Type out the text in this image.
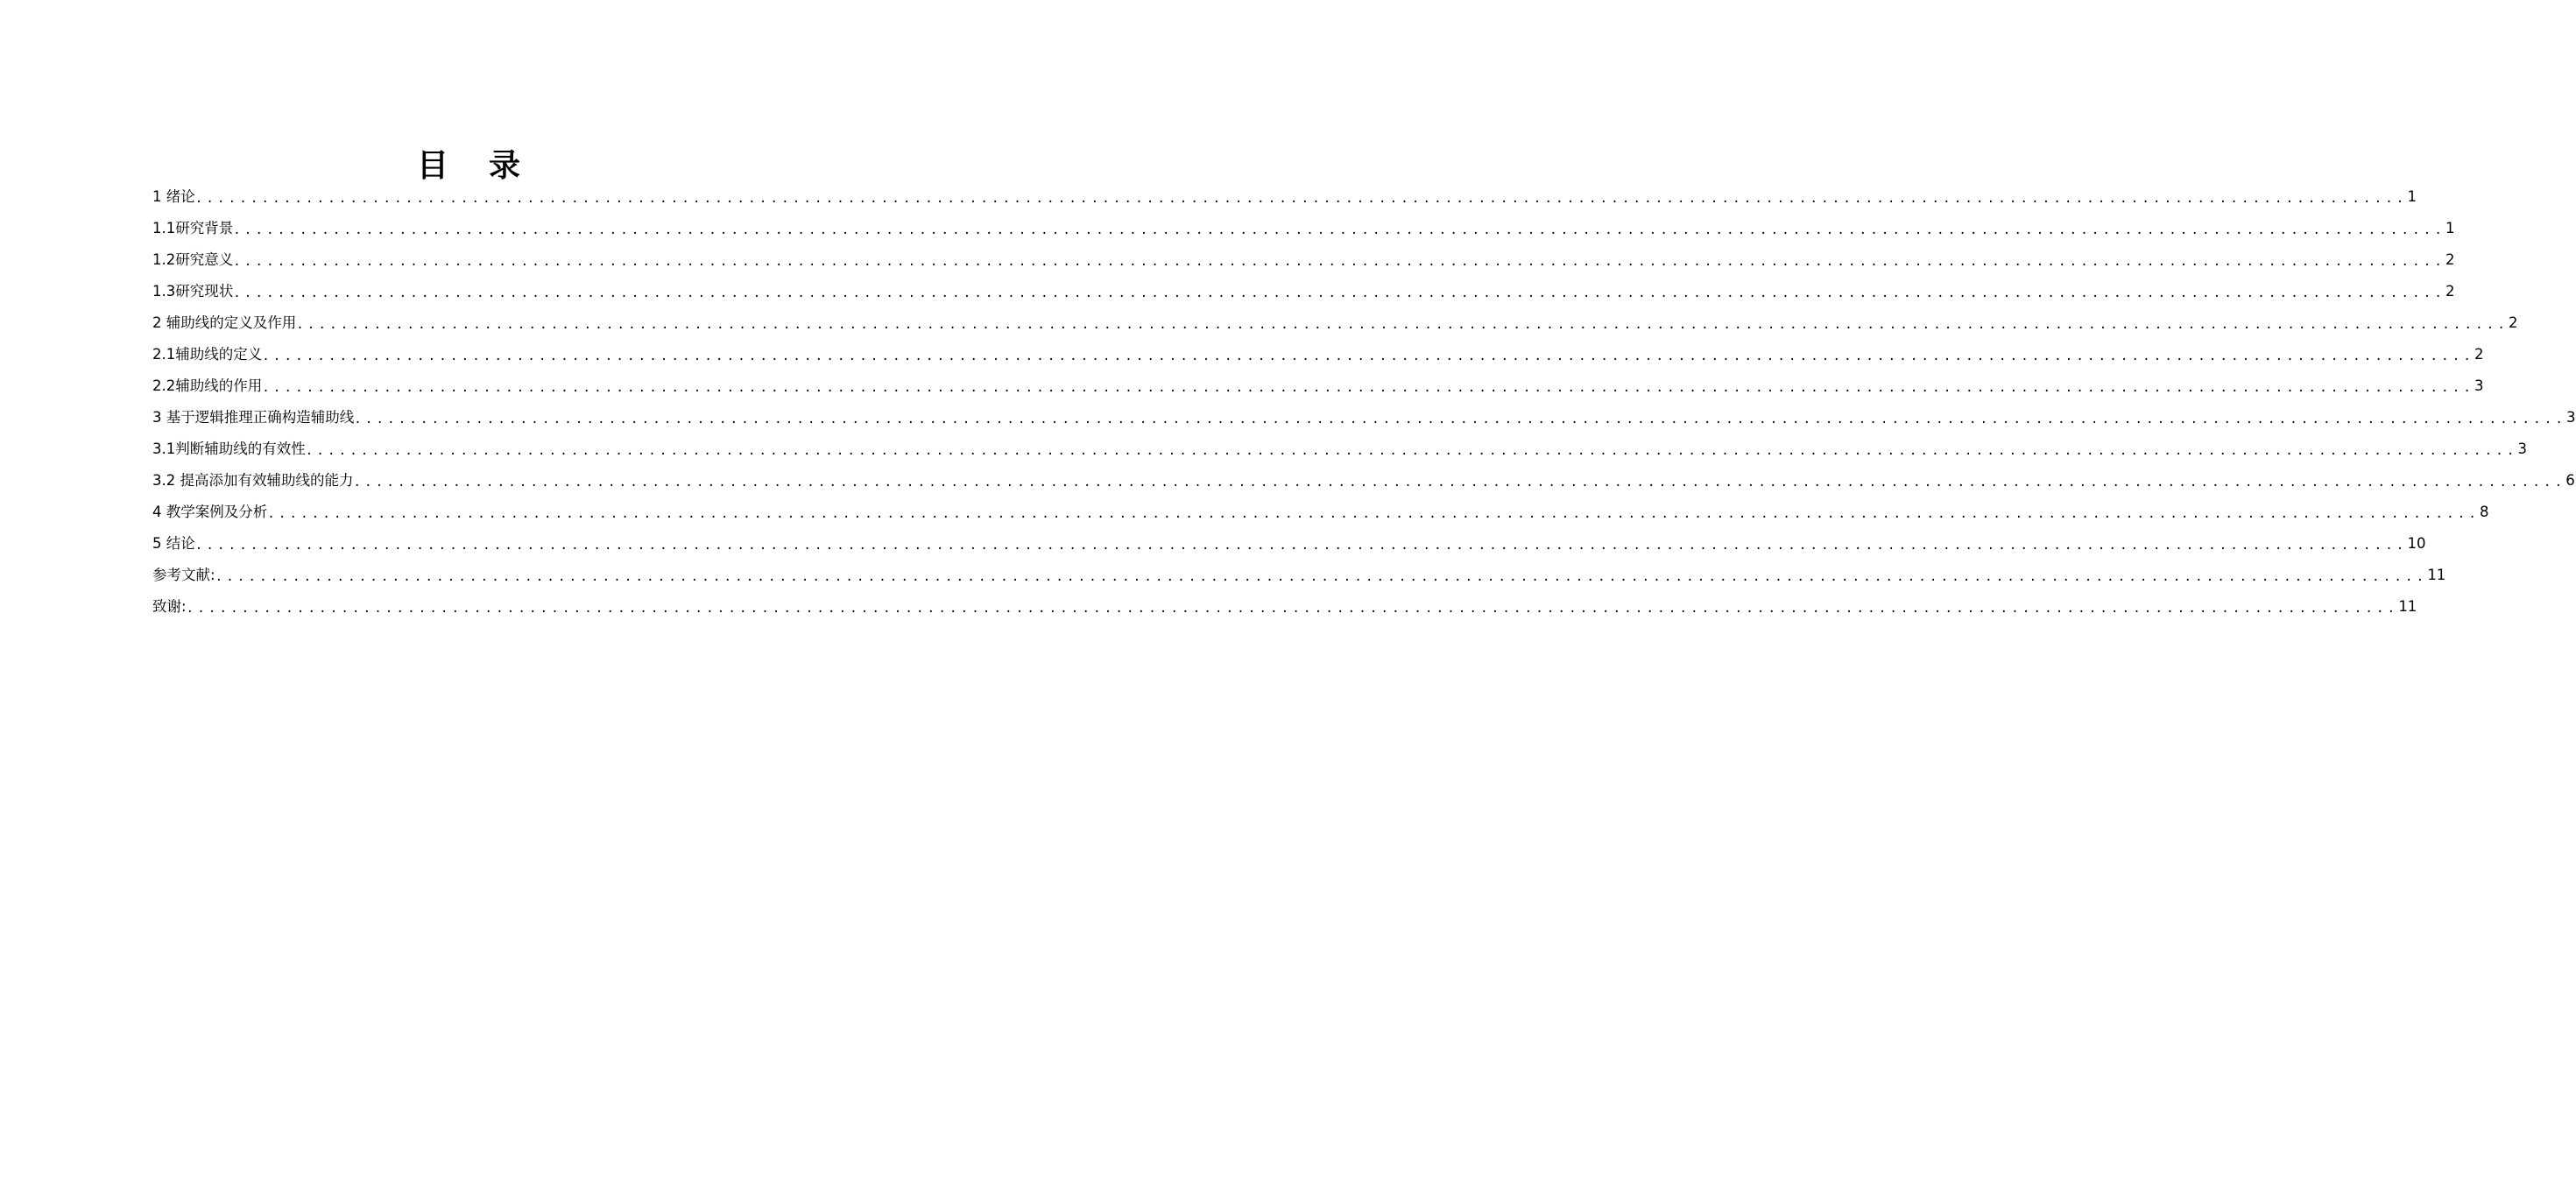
目 录
1 绪论 ........................................................................................................................................................................................................ 1
1.1研究背景 ........................................................................................................................................................................................................ 1
1.2研究意义 ........................................................................................................................................................................................................ 2
1.3研究现状 ........................................................................................................................................................................................................ 2
2 辅助线的定义及作用 ........................................................................................................................................................................................................ 2
2.1辅助线的定义 ........................................................................................................................................................................................................ 2
2.2辅助线的作用 ........................................................................................................................................................................................................ 3
3 基于逻辑推理正确构造辅助线 ........................................................................................................................................................................................................ 3
3.1判断辅助线的有效性 ........................................................................................................................................................................................................ 3
3.2 提高添加有效辅助线的能力 ........................................................................................................................................................................................................ 6
4 教学案例及分析 ........................................................................................................................................................................................................ 8
5 结论 ........................................................................................................................................................................................................ 10
参考文献: ........................................................................................................................................................................................................ 11
致谢: ........................................................................................................................................................................................................ 11
